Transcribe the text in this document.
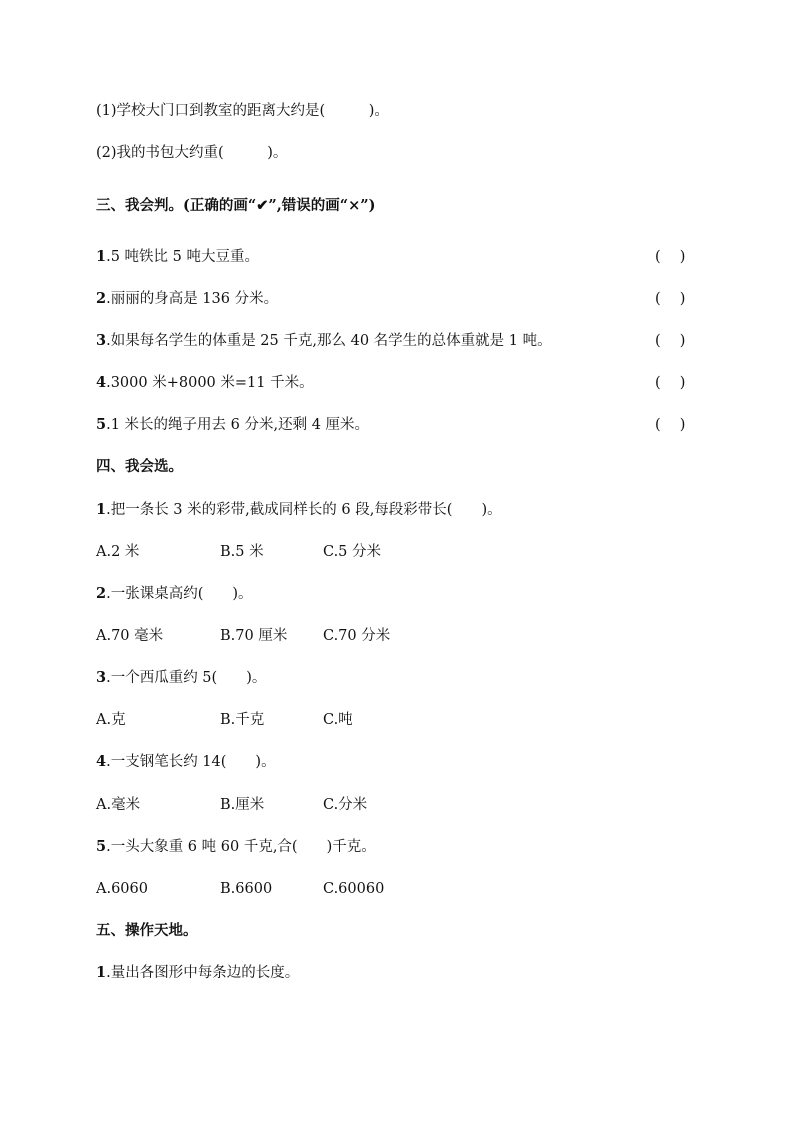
(1)学校大门口到教室的距离大约是(　　　)。
(2)我的书包大约重(　　　)。
三、我会判。(正确的画“✔”,错误的画“×”)
1.5 吨铁比 5 吨大豆重。	(　 )
2.丽丽的身高是 136 分米。	(　 )
3.如果每名学生的体重是 25 千克,那么 40 名学生的总体重就是 1 吨。	(　 )
4.3000 米+8000 米=11 千米。	(　 )
5.1 米长的绳子用去 6 分米,还剩 4 厘米。	(　 )
四、我会选。
1.把一条长 3 米的彩带,截成同样长的 6 段,每段彩带长(　　)。
A.2 米	B.5 米	C.5 分米
2.一张课桌高约(　　)。
A.70 毫米	B.70 厘米 C.70 分米
3.一个西瓜重约 5(　　)。
A.克	B.千克	C.吨
4.一支钢笔长约 14(　　)。
A.毫米	B.厘米	C.分米
5.一头大象重 6 吨 60 千克,合(　　)千克。
A.6060	B.6600	C.60060
五、操作天地。
1.量出各图形中每条边的长度。
